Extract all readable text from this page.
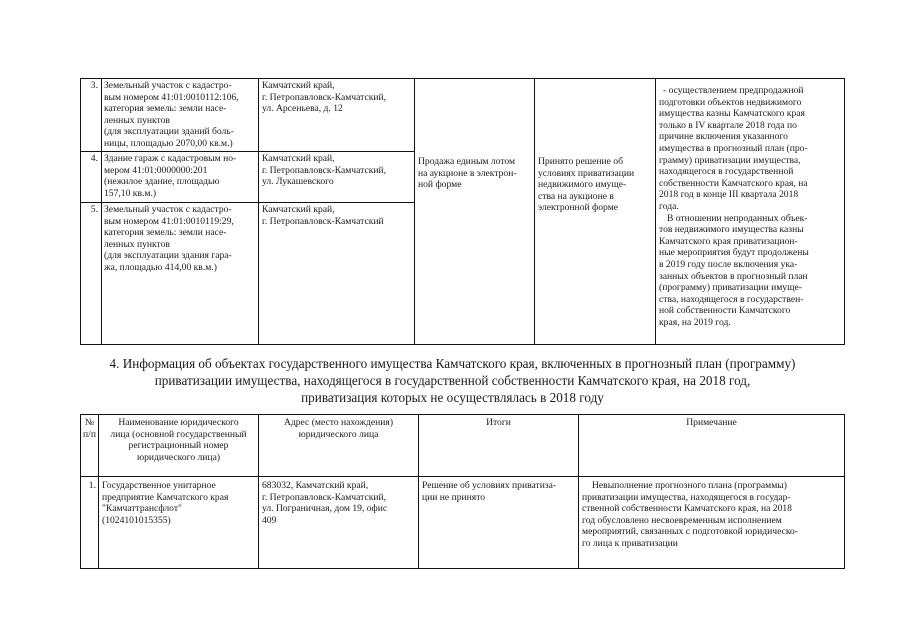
3. Земельный участок с кадастро-
вым номером 41:01:0010112:106,
категория земель: земли насе-
ленных пунктов
(для эксплуатации зданий боль-
ницы, площадью 2070,00 кв.м.)
Камчатский край,
г. Петропавловск-Камчатский,
ул. Арсеньева, д. 12
4. Здание гараж с кадастровым но-
мером 41:01:0000000:201
(нежилое здание, площадью
157,10 кв.м.)
Камчатский край,
г. Петропавловск-Камчатский,
ул. Лукашевского
5. Земельный участок с кадастро-
вым номером 41:01:0010119:29,
категория земель: земли насе-
ленных пунктов
(для эксплуатации здания гара-
жа, площадью 414,00 кв.м.)
Камчатский край,
г. Петропавловск-Камчатский
Продажа единым лотом
на аукционе в электрон-
ной форме
Принято решение об
условиях приватизации
недвижимого имуще-
ства на аукционе в
электронной форме
- осуществлением предпродажной
подготовки объектов недвижимого
имущества казны Камчатского края
только в IV квартале 2018 года по
причине включения указанного
имущества в прогнозный план (про-
грамму) приватизации имущества,
находящегося в государственной
собственности Камчатского края, на
2018 год в конце III квартала 2018
года.
В отношении непроданных объек-
тов недвижимого имущества казны
Камчатского края приватизацион-
ные мероприятия будут продолжены
в 2019 году после включения ука-
занных объектов в прогнозный план
(программу) приватизации имуще-
ства, находящегося в государствен-
ной собственности Камчатского
края, на 2019 год.
4. Информация об объектах государственного имущества Камчатского края, включенных в прогнозный план (программу)
приватизации имущества, находящегося в государственной собственности Камчатского края, на 2018 год,
приватизация которых не осуществлялась в 2018 году
№
п/п
Наименование юридического
лица (основной государственный
регистрационный номер
юридического лица)
Адрес (место нахождения)
юридического лица
Итоги	Примечание
1. Государственное унитарное
предприятие Камчатского края
"Камчаттрансфлот"
(1024101015355)
683032, Камчатский край,
г. Петропавловск-Камчатский,
ул. Пограничная, дом 19, офис
409
Решение об условиях приватиза-
ции не принято
Невыполнение прогнозного плана (программы)
приватизации имущества, находящегося в государ-
ственной собственности Камчатского края, на 2018
год обусловлено несвоевременным исполнением
мероприятий, связанных с подготовкой юридическо-
го лица к приватизации
